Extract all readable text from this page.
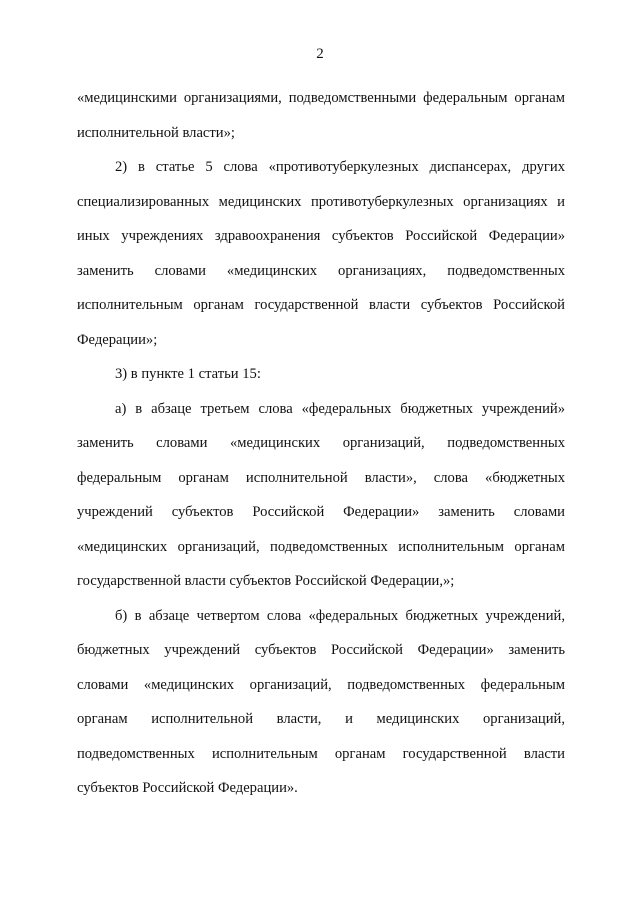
2

«медицинскими организациями, подведомственными федеральным органам исполнительной власти»;

2) в статье 5 слова «противотуберкулезных диспансерах, других специализированных медицинских противотуберкулезных организациях и иных учреждениях здравоохранения субъектов Российской Федерации» заменить словами «медицинских организациях, подведомственных исполнительным органам государственной власти субъектов Российской Федерации»;

3) в пункте 1 статьи 15:

а) в абзаце третьем слова «федеральных бюджетных учреждений» заменить словами «медицинских организаций, подведомственных федеральным органам исполнительной власти», слова «бюджетных учреждений субъектов Российской Федерации» заменить словами «медицинских организаций, подведомственных исполнительным органам государственной власти субъектов Российской Федерации,»;

б) в абзаце четвертом слова «федеральных бюджетных учреждений, бюджетных учреждений субъектов Российской Федерации» заменить словами «медицинских организаций, подведомственных федеральным органам исполнительной власти, и медицинских организаций, подведомственных исполнительным органам государственной власти субъектов Российской Федерации».
